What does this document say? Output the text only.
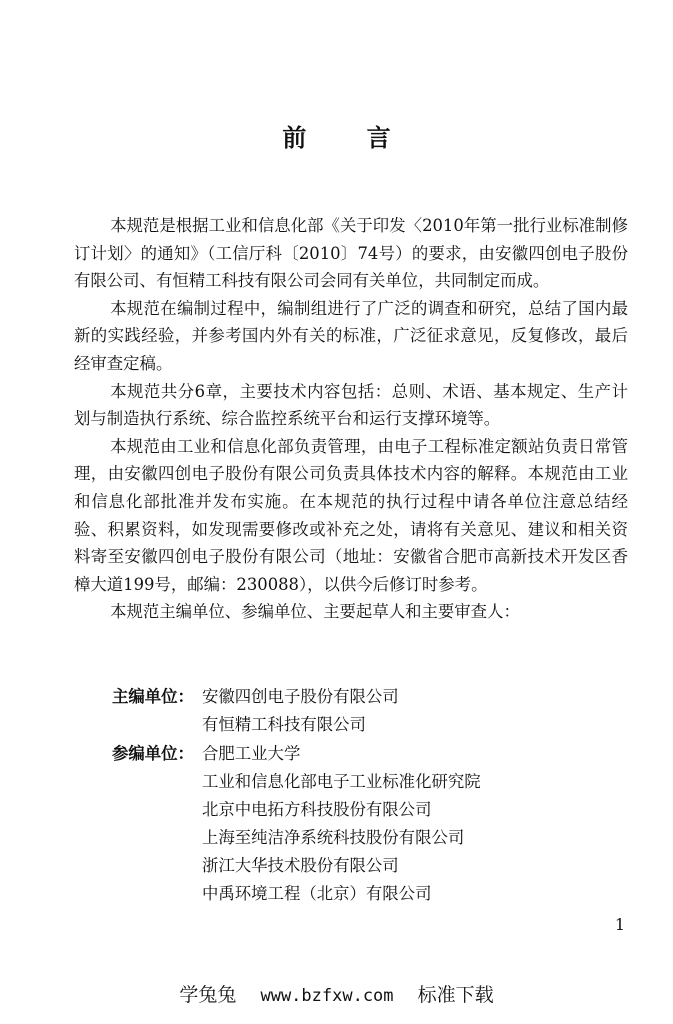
前 言

本规范是根据工业和信息化部《关于印发〈2010年第一批行业标准制修订计划〉的通知》（工信厅科〔2010〕74号）的要求，由安徽四创电子股份有限公司、有恒精工科技有限公司会同有关单位，共同制定而成。

本规范在编制过程中，编制组进行了广泛的调查和研究，总结了国内最新的实践经验，并参考国内外有关的标准，广泛征求意见，反复修改，最后经审查定稿。

本规范共分6章，主要技术内容包括：总则、术语、基本规定、生产计划与制造执行系统、综合监控系统平台和运行支撑环境等。

本规范由工业和信息化部负责管理，由电子工程标准定额站负责日常管理，由安徽四创电子股份有限公司负责具体技术内容的解释。本规范由工业和信息化部批准并发布实施。在本规范的执行过程中请各单位注意总结经验、积累资料，如发现需要修改或补充之处，请将有关意见、建议和相关资料寄至安徽四创电子股份有限公司（地址：安徽省合肥市高新技术开发区香樟大道199号，邮编：230088），以供今后修订时参考。

本规范主编单位、参编单位、主要起草人和主要审查人：

主编单位： 安徽四创电子股份有限公司
有恒精工科技有限公司
参编单位： 合肥工业大学
工业和信息化部电子工业标准化研究院
北京中电拓方科技股份有限公司
上海至纯洁净系统科技股份有限公司
浙江大华技术股份有限公司
中禹环境工程（北京）有限公司
1
学兔兔 www.bzfxw.com 标准下载
